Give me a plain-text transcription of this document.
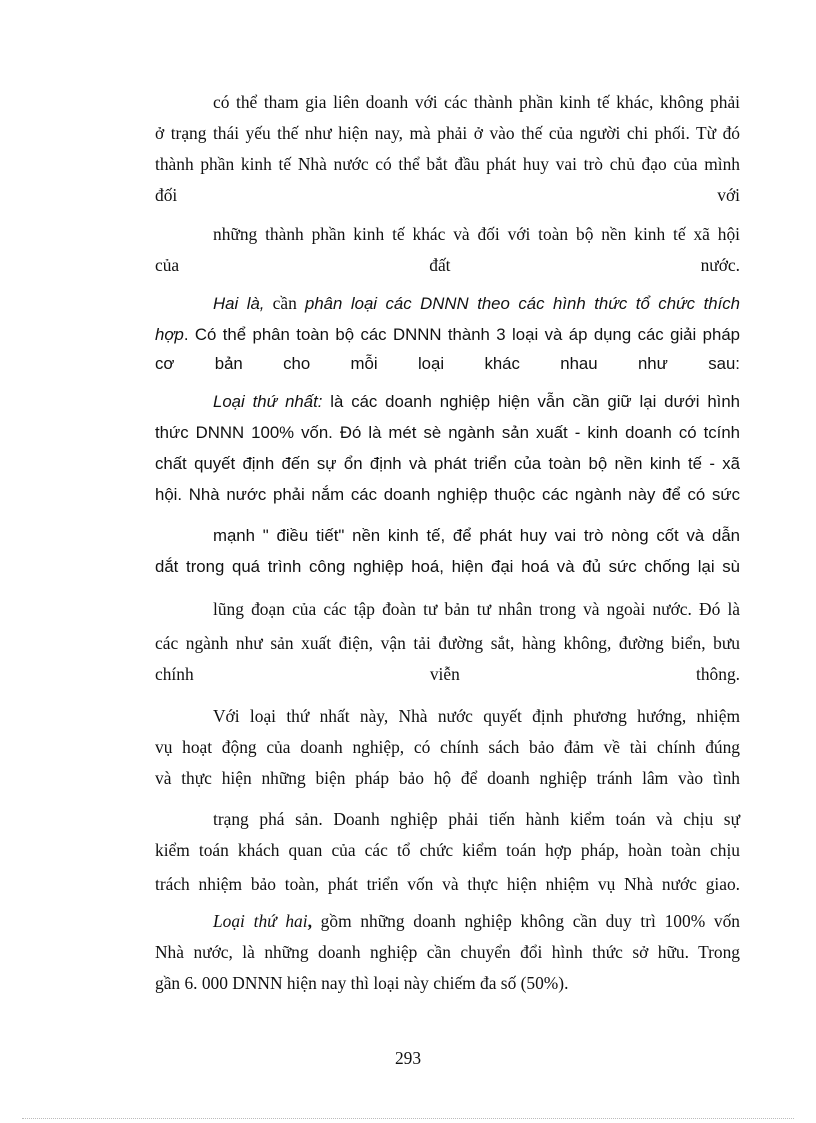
có thể tham gia liên doanh với các thành phần kinh tế khác, không phải
ở trạng thái yếu thế như hiện nay, mà phải ở vào thế của người chi phối. Từ đó
thành phần kinh tế Nhà nước có thể bắt đầu phát huy vai trò chủ đạo của mình
đối	với
những thành phần kinh tế khác và đối với toàn bộ nền kinh tế xã hội
của	đất	nước.
Hai là, cần phân loại các DNNN theo các hình thức tổ chức thích
hợp. Có thể phân toàn bộ các DNNN thành 3 loại và áp dụng các giải pháp
cơ bản cho mỗi loại khác nhau như sau:
Loại thứ nhất: là các doanh nghiệp hiện vẫn cần giữ lại dưới hình
thức DNNN 100% vốn. Đó là mét sè ngành sản xuất - kinh doanh có tcính
chất quyết định đến sự ổn định và phát triển của toàn bộ nền kinh tế - xã
hội. Nhà nước phải nắm các doanh nghiệp thuộc các ngành này để có sức
mạnh " điều tiết" nền kinh tế, để phát huy vai trò nòng cốt và dẫn
dắt trong quá trình công nghiệp hoá, hiện đại hoá và đủ sức chống lại sù
lũng đoạn của các tập đoàn tư bản tư nhân trong và ngoài nước. Đó là
các ngành như sản xuất điện, vận tải đường sắt, hàng không, đường biển, bưu
chính	viễn	thông.
Với loại thứ nhất này, Nhà nước quyết định phương hướng, nhiệm
vụ hoạt động của doanh nghiệp, có chính sách bảo đảm về tài chính đúng
và thực hiện những biện pháp bảo hộ để doanh nghiệp tránh lâm vào tình
trạng phá sản. Doanh nghiệp phải tiến hành kiểm toán và chịu sự
kiểm toán khách quan của các tổ chức kiểm toán hợp pháp, hoàn toàn chịu
trách nhiệm bảo toàn, phát triển vốn và thực hiện nhiệm vụ Nhà nước giao.
Loại thứ hai, gồm những doanh nghiệp không cần duy trì 100% vốn
Nhà nước, là những doanh nghiệp cần chuyển đổi hình thức sở hữu. Trong
gần 6. 000 DNNN hiện nay thì loại này chiếm đa số (50%).
293
